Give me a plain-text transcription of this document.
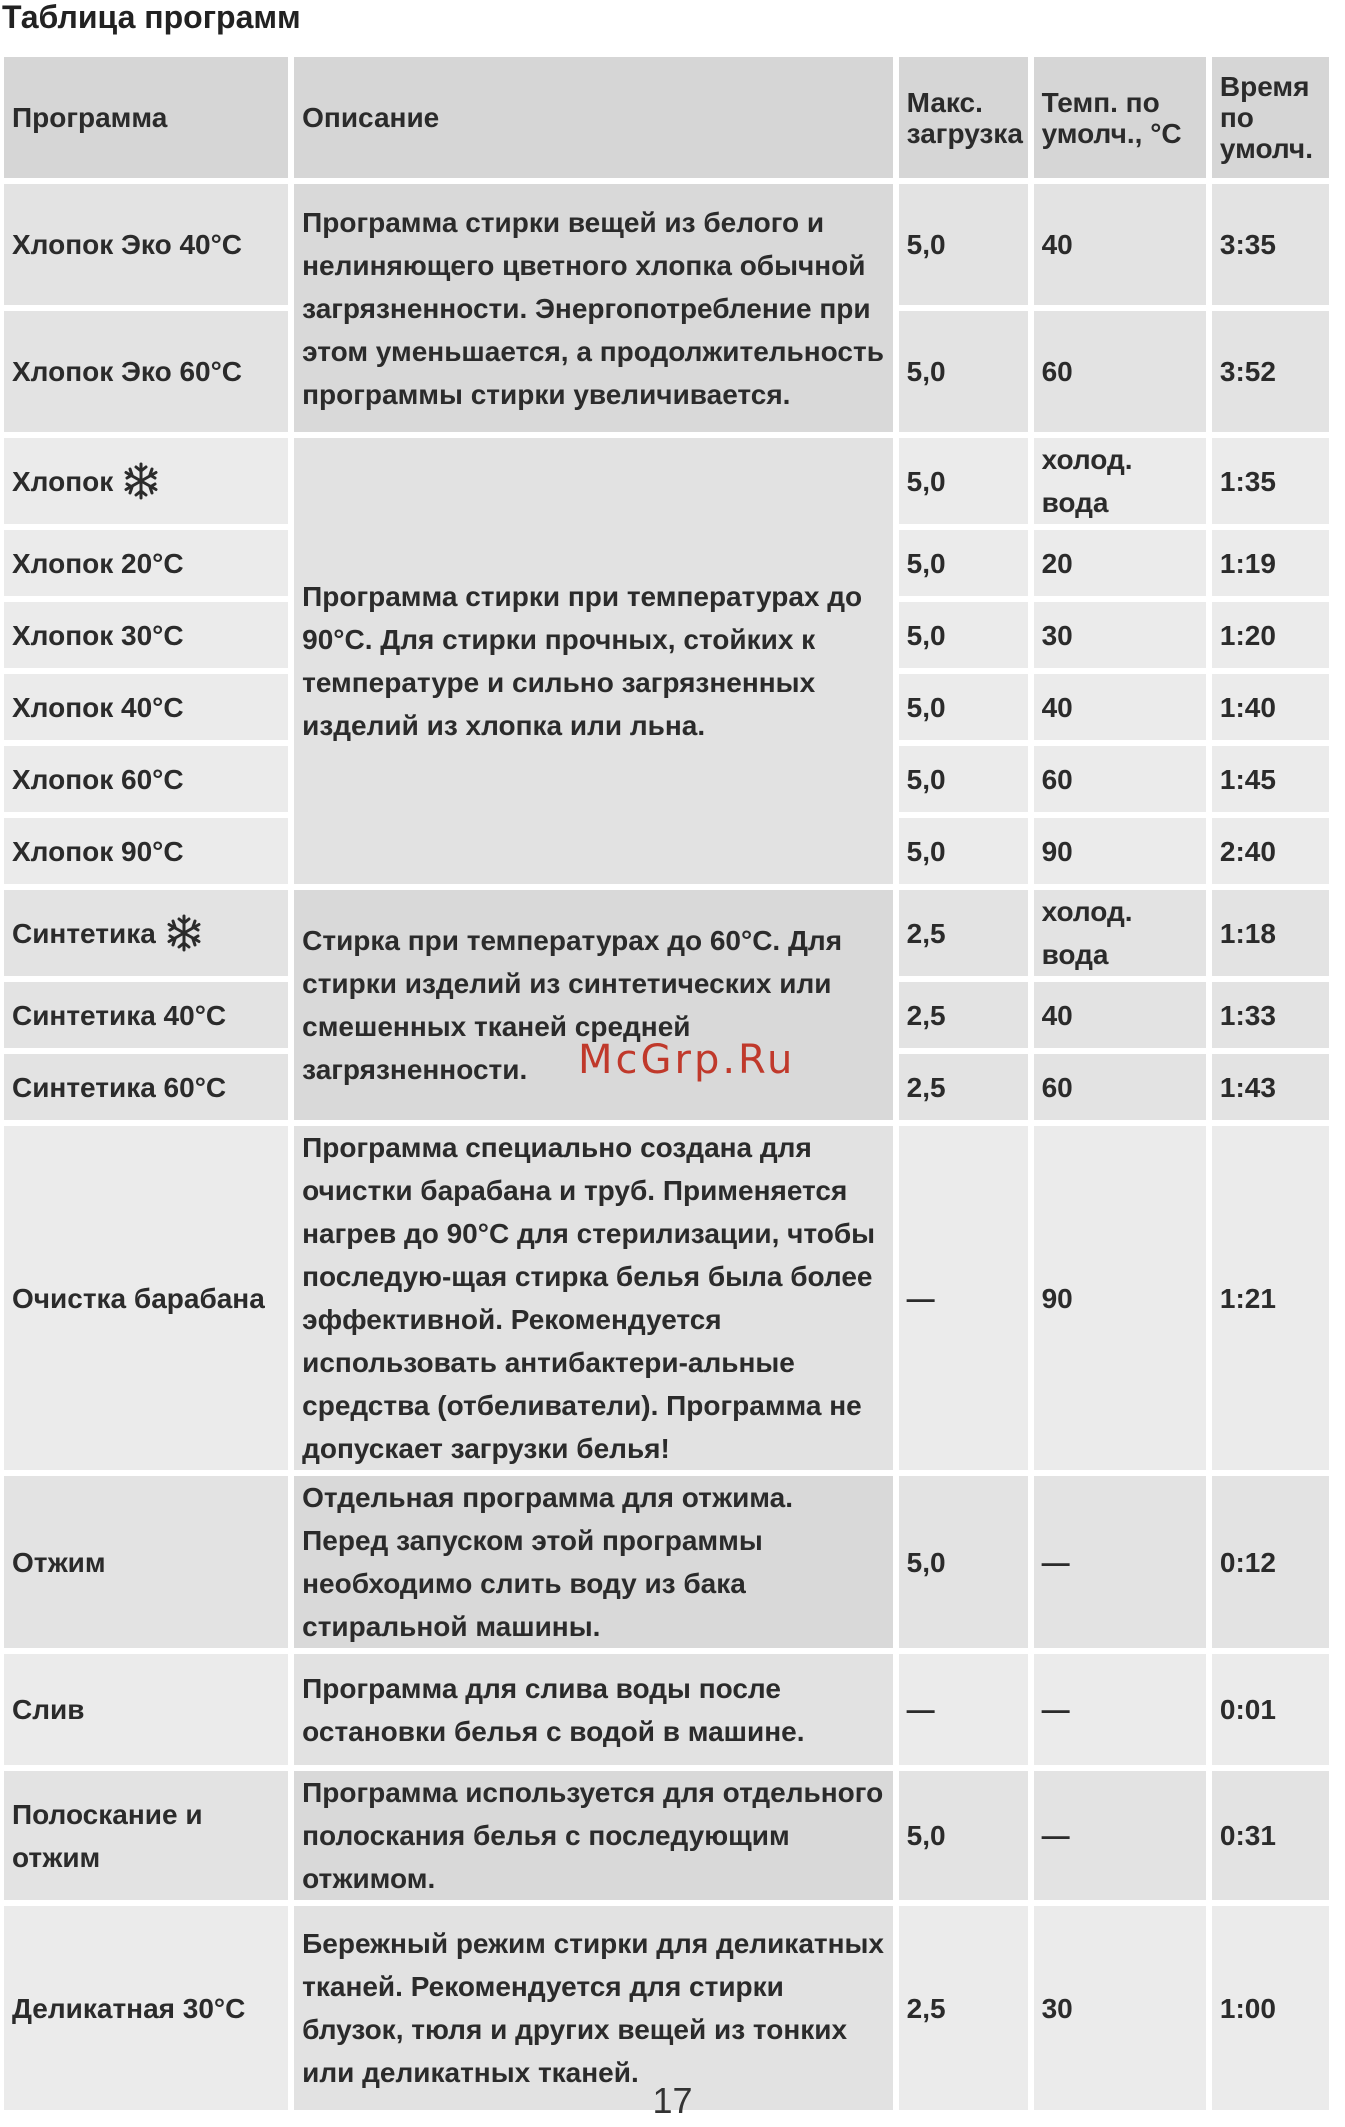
Таблица программ
Программа	Описание	Макс. загрузка	Темп. по умолч., °С	Время по умолч.

Хлопок Эко 40°С	Программа стирки вещей из белого и нелиняющего цветного хлопка обычной загрязненности. Энергопотребление при этом уменьшается, а продолжительность программы стирки увеличивается.	5,0	40	3:35

Хлопок Эко 60°С		5,0	60	3:52

Хлопок	Программа стирки при температурах до 90°С. Для стирки прочных, стойких к температуре и сильно загрязненных изделий из хлопка или льна.	5,0	холод. вода	1:35

Хлопок 20°С		5,0	20	1:19

Хлопок 30°С		5,0	30	1:20

Хлопок 40°С		5,0	40	1:40

Хлопок 60°С		5,0	60	1:45

Хлопок 90°С		5,0	90	2:40

Синтетика	Стирка при температурах до 60°С. Для стирки изделий из синтетических или смешенных тканей средней загрязненности.	2,5	холод. вода	1:18

Синтетика 40°С		2,5	40	1:33

Синтетика 60°С		2,5	60	1:43

Очистка барабана	Программа специально создана для очистки барабана и труб. Применяется нагрев до 90°С для стерилизации, чтобы последую-щая стирка белья была более эффективной. Рекомендуется использовать антибактери-альные средства (отбеливатели). Программа не допускает загрузки белья!	—	90	1:21

Отжим	Отдельная программа для отжима. Перед запуском этой программы необходимо слить воду из бака стиральной машины.	5,0	—	0:12

Слив	Программа для слива воды после остановки белья с водой в машине.	—	—	0:01

Полоскание и отжим	Программа используется для отдельного полоскания белья с последующим отжимом.	5,0	—	0:31

Деликатная 30°С	Бережный режим стирки для деликатных тканей. Рекомендуется для стирки блузок, тюля и других вещей из тонких или деликатных тканей.	2,5	30	1:00
McGrp.Ru
17
